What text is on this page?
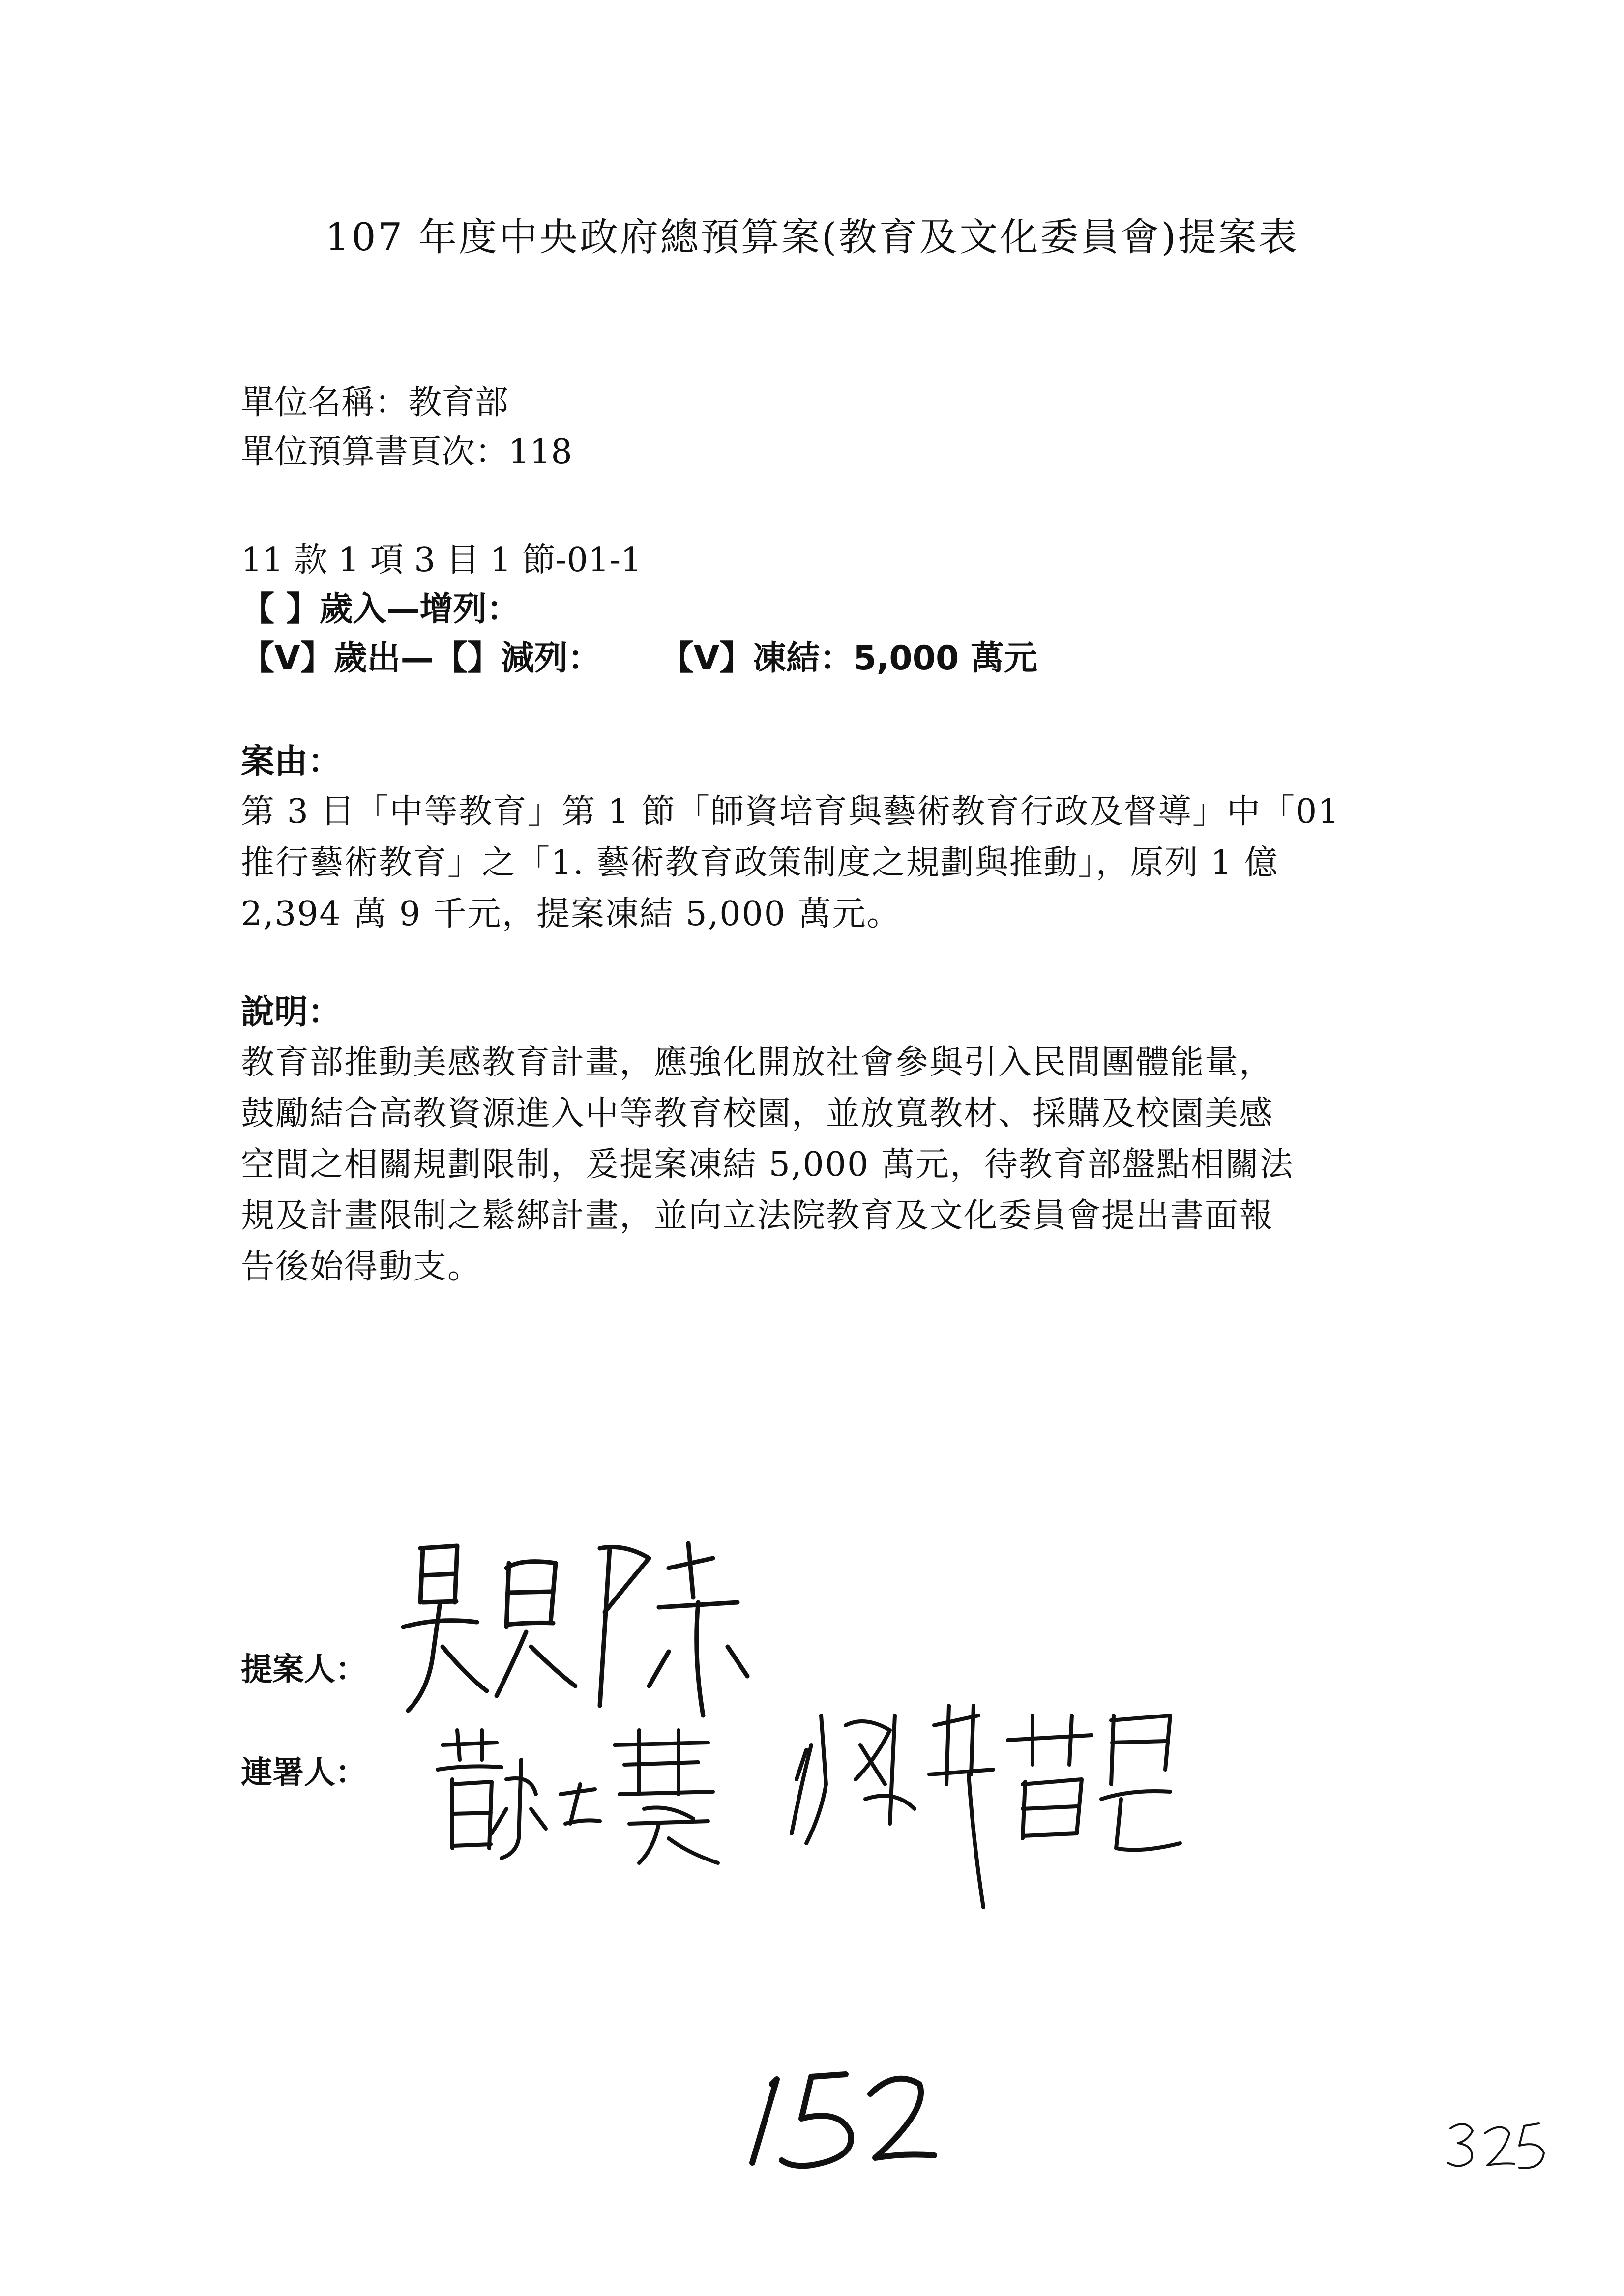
107 年度中央政府總預算案(教育及文化委員會)提案表
單位名稱：教育部
單位預算書頁次：118
11 款 1 項 3 目 1 節-01-1
【 】歲入—增列：
【V】歲出—【】減列： 【V】凍結：5,000 萬元
案由：
第 3 目「中等教育」第 1 節「師資培育與藝術教育行政及督導」中「01
推行藝術教育」之「1. 藝術教育政策制度之規劃與推動」，原列 1 億
2,394 萬 9 千元，提案凍結 5,000 萬元。
說明：
教育部推動美感教育計畫，應強化開放社會參與引入民間團體能量，
鼓勵結合高教資源進入中等教育校園，並放寬教材、採購及校園美感
空間之相關規劃限制，爰提案凍結 5,000 萬元，待教育部盤點相關法
規及計畫限制之鬆綁計畫，並向立法院教育及文化委員會提出書面報
告後始得動支。
提案人：
連署人：
152
325
